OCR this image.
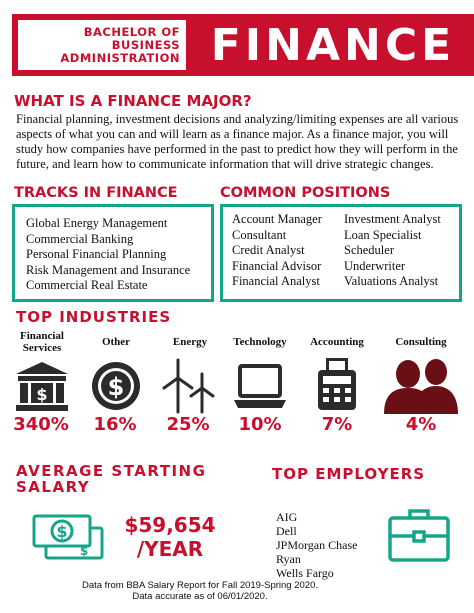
BACHELOR OF
BUSINESS
ADMINISTRATION FINANCE
WHAT IS A FINANCE MAJOR?
Financial planning, investment decisions and analyzing/limiting expenses are all various aspects of what you can and will learn as a finance major. As a finance major, you will study how companies have performed in the past to predict how they will perform in the future, and learn how to communicate information that will drive strategic changes.
TRACKS IN FINANCE	COMMON POSITIONS
Global Energy Management
Commercial Banking
Personal Financial Planning
Risk Management and Insurance
Commercial Real Estate
Account Manager
Consultant
Credit Analyst
Financial Advisor
Financial Analyst
Investment Analyst
Loan Specialist
Scheduler
Underwriter
Valuations Analyst
TOP INDUSTRIES
Financial
Services	Other	Energy	Technology	Accounting	Consulting
$	$
340%	16%	25%	10%	7%	4%
AVERAGE STARTING
SALARY
$
$
$59,654
/YEAR
TOP EMPLOYERS
AIG
Dell
JPMorgan Chase
Ryan
Wells Fargo
Data from BBA Salary Report for Fall 2019-Spring 2020.
Data accurate as of 06/01/2020.
